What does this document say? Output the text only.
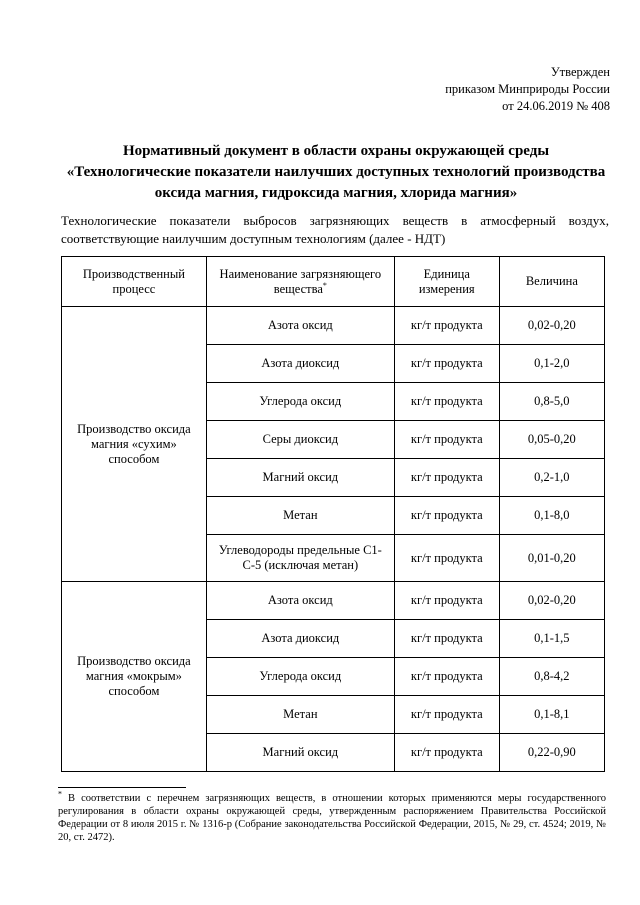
Утвержден
приказом Минприроды России
от 24.06.2019 № 408
Нормативный документ в области охраны окружающей среды
«Технологические показатели наилучших доступных технологий производства
оксида магния, гидроксида магния, хлорида магния»
Технологические показатели выбросов загрязняющих веществ в атмосферный воздух,
соответствующие наилучшим доступным технологиям (далее - НДТ)
Производственный процесс	Наименование загрязняющего вещества*	Единица измерения	Величина
Производство оксида магния «сухим» способом	Азота оксид	кг/т продукта	0,02-0,20
	Азота диоксид	кг/т продукта	0,1-2,0
	Углерода оксид	кг/т продукта	0,8-5,0
	Серы диоксид	кг/т продукта	0,05-0,20
	Магний оксид	кг/т продукта	0,2-1,0
	Метан	кг/т продукта	0,1-8,0
	Углеводороды предельные С1-С-5 (исключая метан)	кг/т продукта	0,01-0,20
Производство оксида магния «мокрым» способом	Азота оксид	кг/т продукта	0,02-0,20
	Азота диоксид	кг/т продукта	0,1-1,5
	Углерода оксид	кг/т продукта	0,8-4,2
	Метан	кг/т продукта	0,1-8,1
	Магний оксид	кг/т продукта	0,22-0,90
* В соответствии с перечнем загрязняющих веществ, в отношении которых применяются меры государственного регулирования в области охраны окружающей среды, утвержденным распоряжением Правительства Российской Федерации от 8 июля 2015 г. № 1316-р (Собрание законодательства Российской Федерации, 2015, № 29, ст. 4524; 2019, № 20, ст. 2472).
